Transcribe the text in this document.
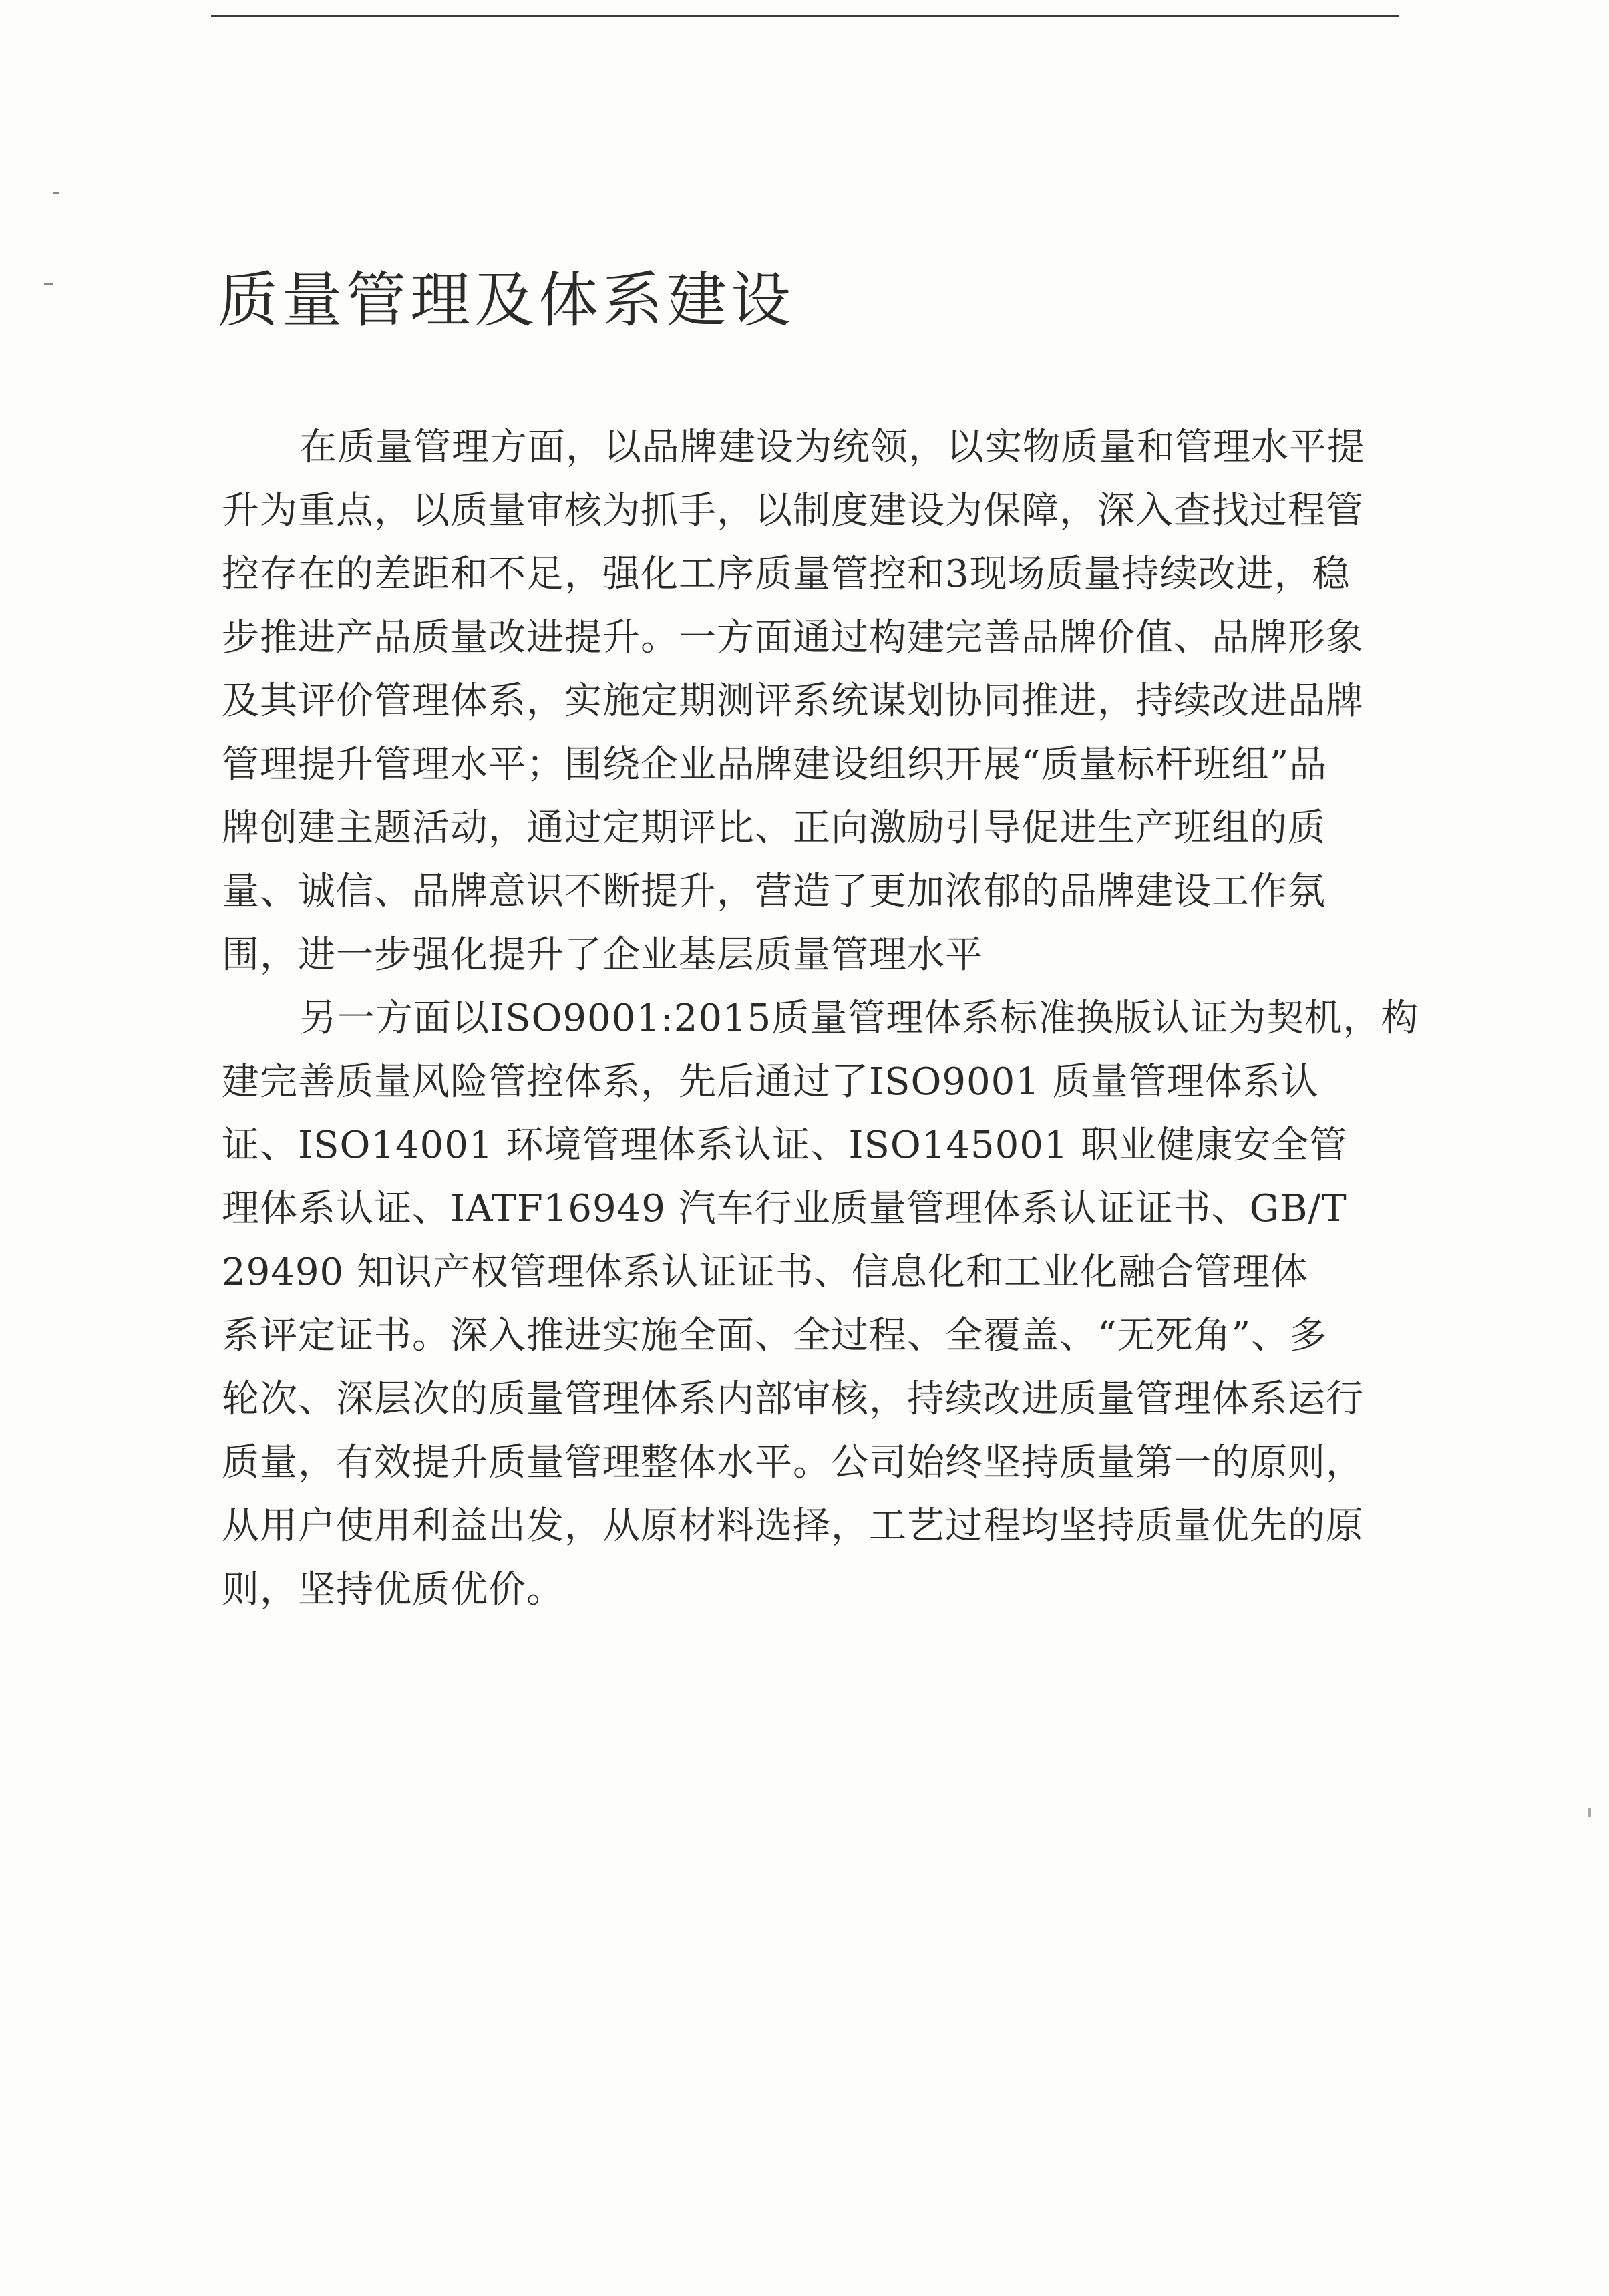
质量管理及体系建设
在质量管理方面，以品牌建设为统领，以实物质量和管理水平提
升为重点，以质量审核为抓手，以制度建设为保障，深入查找过程管
控存在的差距和不足，强化工序质量管控和3现场质量持续改进，稳
步推进产品质量改进提升。一方面通过构建完善品牌价值、品牌形象
及其评价管理体系，实施定期测评系统谋划协同推进，持续改进品牌
管理提升管理水平；围绕企业品牌建设组织开展“质量标杆班组”品
牌创建主题活动，通过定期评比、正向激励引导促进生产班组的质
量、诚信、品牌意识不断提升，营造了更加浓郁的品牌建设工作氛
围，进一步强化提升了企业基层质量管理水平
另一方面以ISO9001:2015质量管理体系标准换版认证为契机，构
建完善质量风险管控体系，先后通过了ISO9001 质量管理体系认
证、ISO14001 环境管理体系认证、ISO145001 职业健康安全管
理体系认证、IATF16949 汽车行业质量管理体系认证证书、GB/T
29490 知识产权管理体系认证证书、信息化和工业化融合管理体
系评定证书。深入推进实施全面、全过程、全覆盖、“无死角”、多
轮次、深层次的质量管理体系内部审核，持续改进质量管理体系运行
质量，有效提升质量管理整体水平。公司始终坚持质量第一的原则，
从用户使用利益出发，从原材料选择，工艺过程均坚持质量优先的原
则，坚持优质优价。
